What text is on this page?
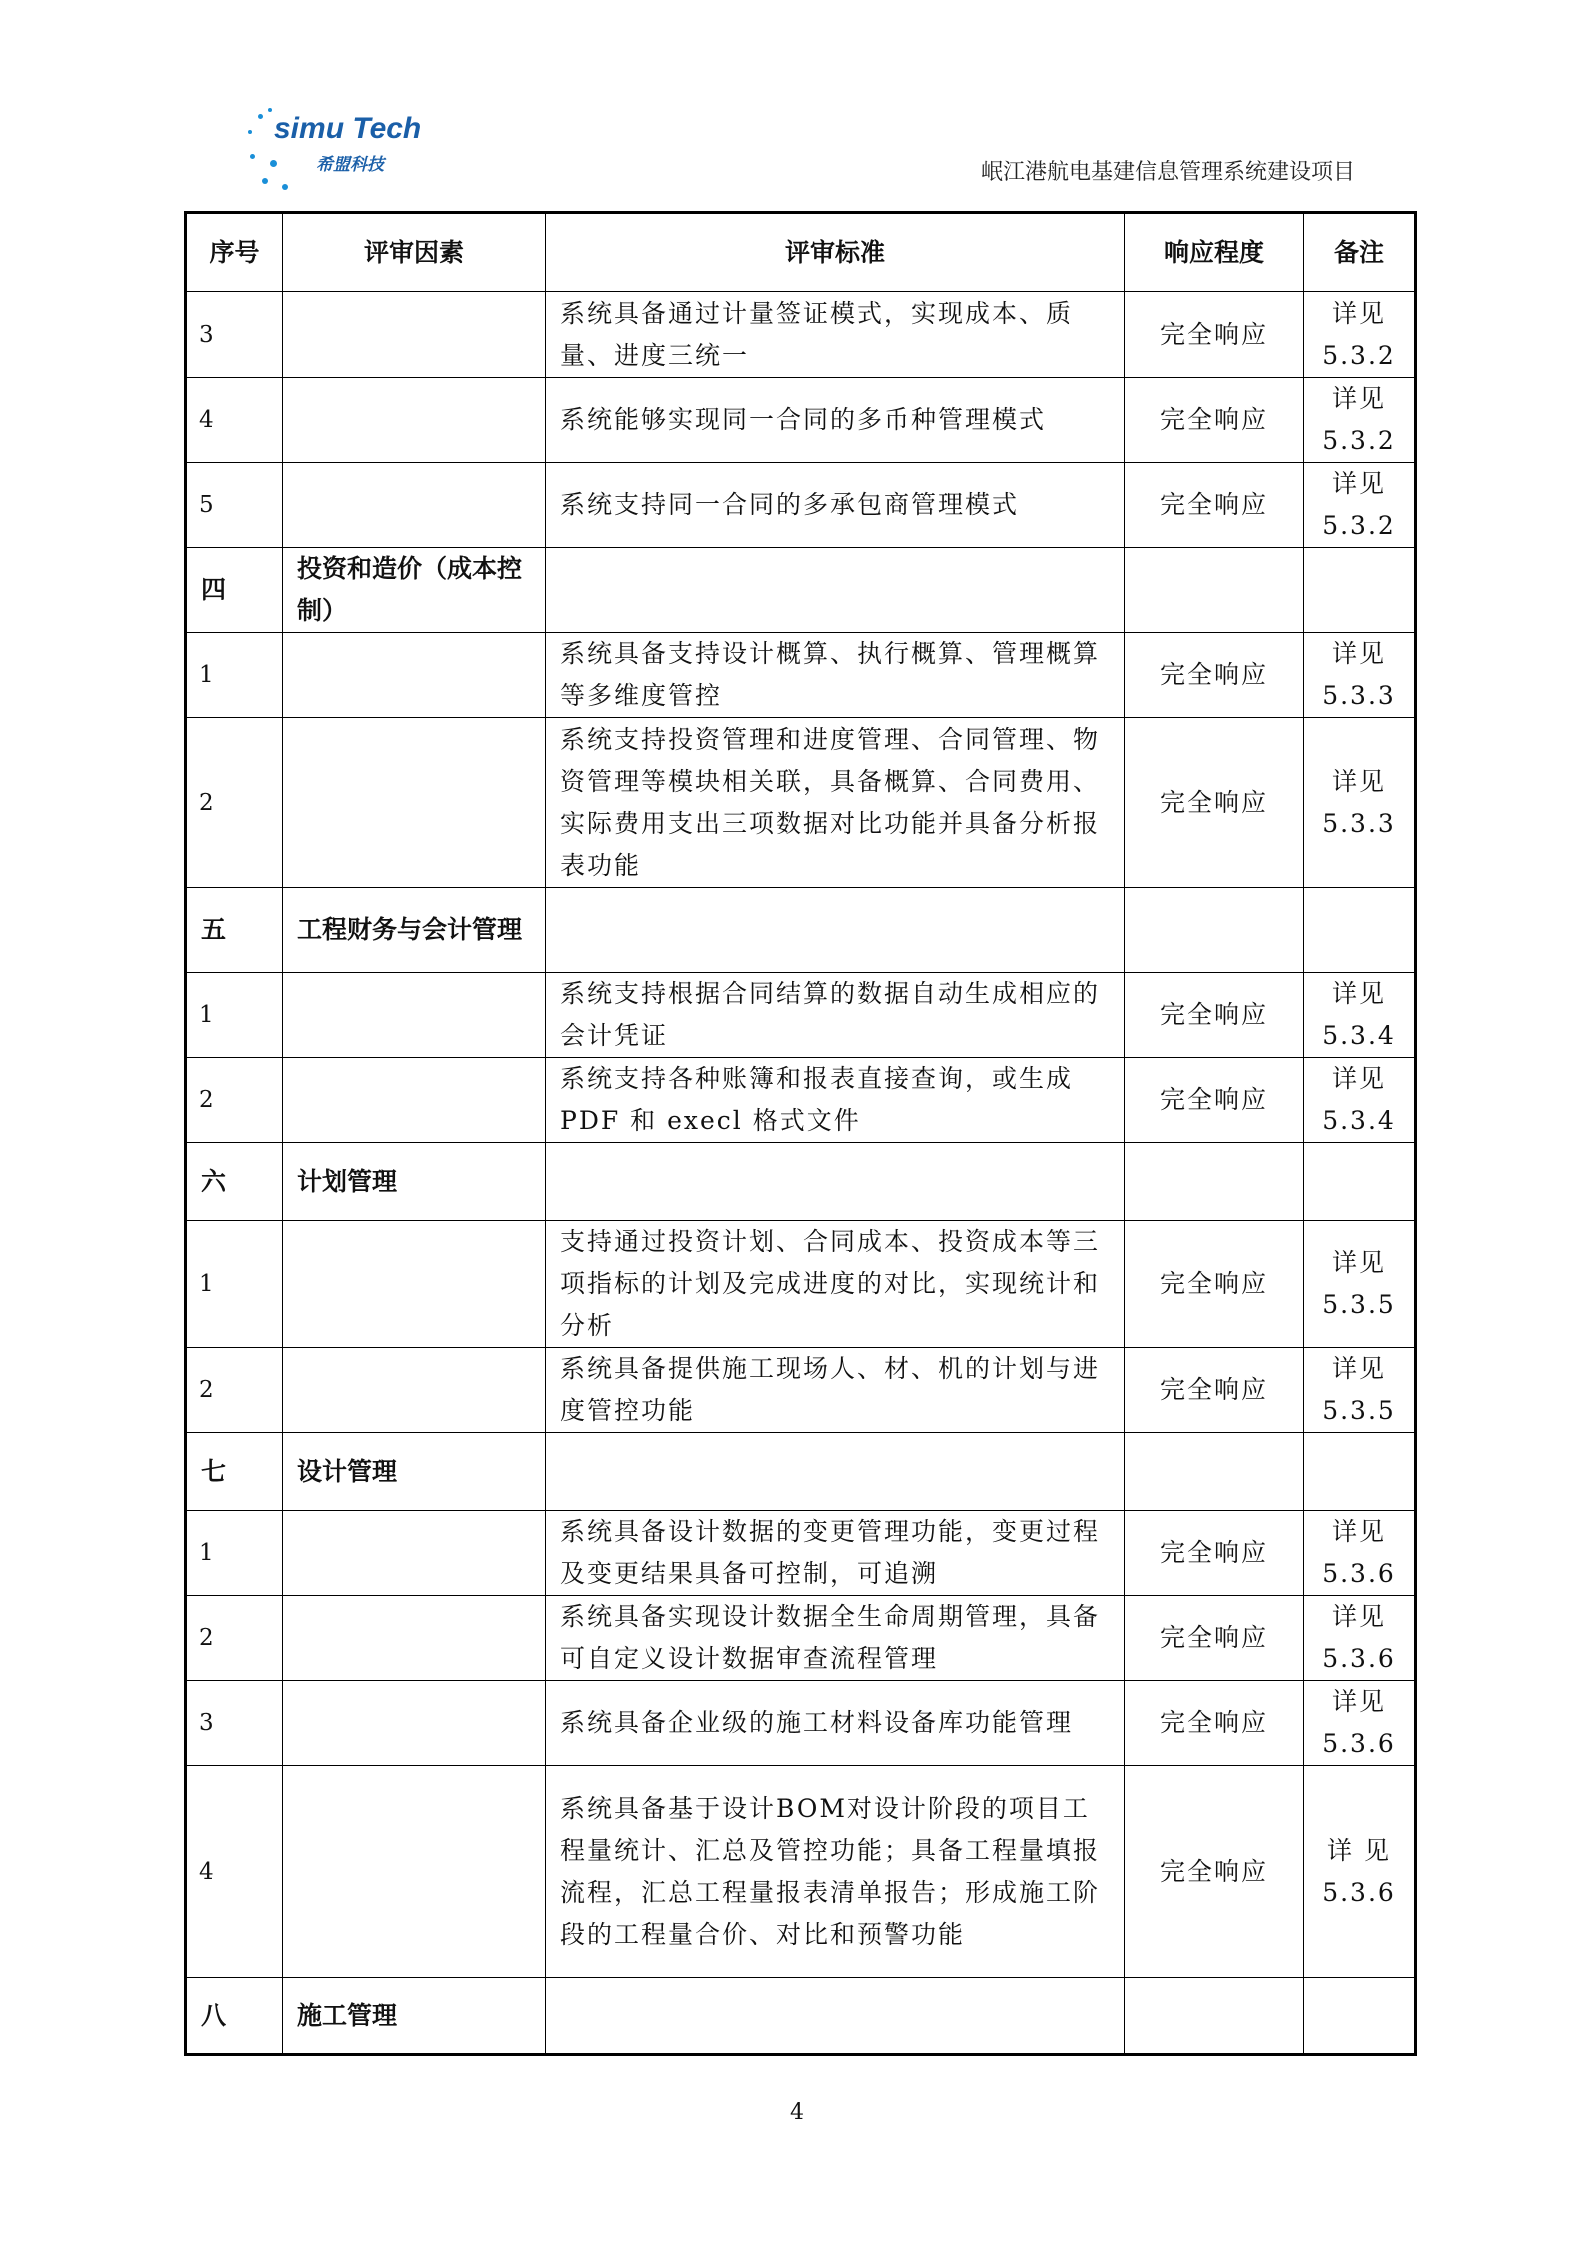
simu Tech
希盟科技	岷江港航电基建信息管理系统建设项目
序号	评审因素	评审标准	响应程度	备注
3		系统具备通过计量签证模式，实现成本、质量、进度三统一	完全响应	详见 5.3.2
4		系统能够实现同一合同的多币种管理模式	完全响应	详见 5.3.2
5		系统支持同一合同的多承包商管理模式	完全响应	详见 5.3.2
四	投资和造价（成本控制）			
1		系统具备支持设计概算、执行概算、管理概算等多维度管控	完全响应	详见 5.3.3
2		系统支持投资管理和进度管理、合同管理、物资管理等模块相关联，具备概算、合同费用、实际费用支出三项数据对比功能并具备分析报表功能	完全响应	详见 5.3.3
五	工程财务与会计管理			
1		系统支持根据合同结算的数据自动生成相应的会计凭证	完全响应	详见 5.3.4
2		系统支持各种账簿和报表直接查询，或生成 PDF 和 execl 格式文件	完全响应	详见 5.3.4
六	计划管理			
1		支持通过投资计划、合同成本、投资成本等三项指标的计划及完成进度的对比，实现统计和分析	完全响应	详见 5.3.5
2		系统具备提供施工现场人、材、机的计划与进度管控功能	完全响应	详见 5.3.5
七	设计管理			
1		系统具备设计数据的变更管理功能，变更过程及变更结果具备可控制，可追溯	完全响应	详见 5.3.6
2		系统具备实现设计数据全生命周期管理，具备可自定义设计数据审查流程管理	完全响应	详见 5.3.6
3		系统具备企业级的施工材料设备库功能管理	完全响应	详见 5.3.6
4		系统具备基于设计BOM对设计阶段的项目工程量统计、汇总及管控功能；具备工程量填报流程，汇总工程量报表清单报告；形成施工阶段的工程量合价、对比和预警功能	完全响应	详 见 5.3.6
八	施工管理			
4
